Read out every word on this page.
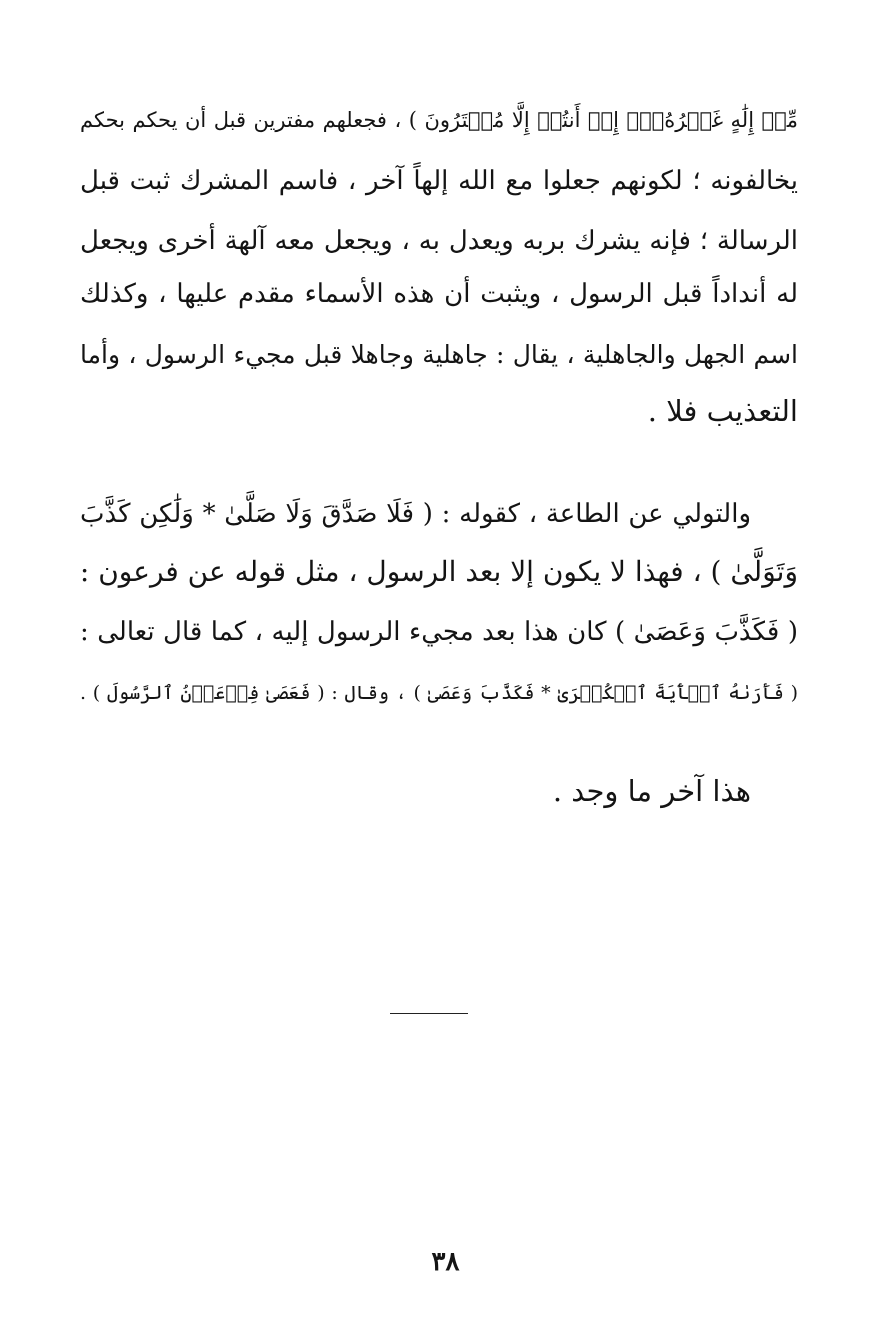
مِّنۡ إِلَٰهٍ غَيۡرُهُۥٓۖ إِنۡ أَنتُمۡ إِلَّا مُفۡتَرُونَ ) ، فجعلهم مفترين قبل أن يحكم بحكم
يخالفونه ؛ لكونهم جعلوا مع الله إلهاً آخر ، فاسم المشرك ثبت قبل
الرسالة ؛ فإنه يشرك بربه ويعدل به ، ويجعل معه آلهة أخرى ويجعل
له أنداداً قبل الرسول ، ويثبت أن هذه الأسماء مقدم عليها ، وكذلك
اسم الجهل والجاهلية ، يقال : جاهلية وجاهلا قبل مجيء الرسول ، وأما
التعذيب فلا .
والتولي عن الطاعة ، كقوله : ( فَلَا صَدَّقَ وَلَا صَلَّىٰ * وَلَٰكِن كَذَّبَ
وَتَوَلَّىٰ ) ، فهذا لا يكون إلا بعد الرسول ، مثل قوله عن فرعون :
( فَكَذَّبَ وَعَصَىٰ ) كان هذا بعد مجيء الرسول إليه ، كما قال تعالى :
( فَأَرَىٰهُ ٱلۡأٓيَةَ ٱلۡكُبۡرَىٰ * فَكَذَّبَ وَعَصَىٰ ) ، وقال : ( فَعَصَىٰ فِرۡعَوۡنُ ٱلرَّسُولَ ) .
هذا آخر ما وجد .
٣٨
